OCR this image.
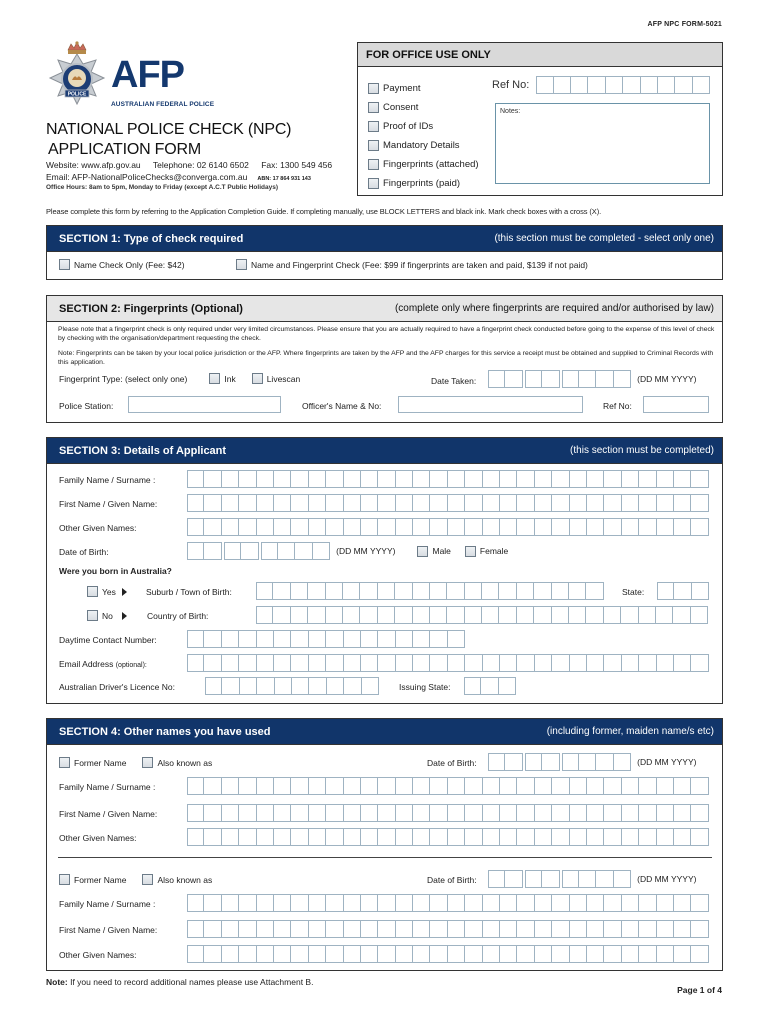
AFP NPC FORM-5021
POLICE AFP
AUSTRALIAN FEDERAL POLICE
NATIONAL POLICE CHECK (NPC)
APPLICATION FORM
Website: www.afp.gov.au Telephone: 02 6140 6502 Fax: 1300 549 456
Email: AFP-NationalPoliceChecks@converga.com.au ABN: 17 864 931 143
Office Hours: 8am to 5pm, Monday to Friday (except A.C.T Public Holidays)
FOR OFFICE USE ONLY
Payment
Consent
Proof of IDs
Mandatory Details
Fingerprints (attached)
Fingerprints (paid)
Ref No:
Notes:
Please complete this form by referring to the Application Completion Guide. If completing manually, use BLOCK LETTERS and black ink. Mark check boxes with a cross (X).
SECTION 1: Type of check required	(this section must be completed - select only one)
Name Check Only (Fee: $42)	Name and Fingerprint Check (Fee: $99 if fingerprints are taken and paid, $139 if not paid)
SECTION 2: Fingerprints (Optional)	(complete only where fingerprints are required and/or authorised by law)
Please note that a fingerprint check is only required under very limited circumstances. Please ensure that you are actually required to have a fingerprint check conducted before going to the expense of this level of check by checking with the organisation/department requesting the check.
Note: Fingerprints can be taken by your local police jurisdiction or the AFP. Where fingerprints are taken by the AFP and the AFP charges for this service a receipt must be obtained and supplied to Criminal Records with this application.
Fingerprint Type: (select only one)	Ink	Livescan	Date Taken:	(DD MM YYYY)
Police Station:	Officer's Name & No:	Ref No:
SECTION 3: Details of Applicant	(this section must be completed)
Family Name / Surname :
First Name / Given Name:
Other Given Names:
Date of Birth:	(DD MM YYYY)	Male	Female
Were you born in Australia?
Yes	Suburb / Town of Birth:	State:
No	Country of Birth:
Daytime Contact Number:
Email Address (optional):
Australian Driver's Licence No:	Issuing State:
SECTION 4: Other names you have used	(including former, maiden name/s etc)
Former Name	Also known as	Date of Birth:	(DD MM YYYY)
Family Name / Surname :
First Name / Given Name:
Other Given Names:
Former Name	Also known as	Date of Birth:	(DD MM YYYY)
Family Name / Surname :
First Name / Given Name:
Other Given Names:
Note: If you need to record additional names please use Attachment B.
Page 1 of 4
